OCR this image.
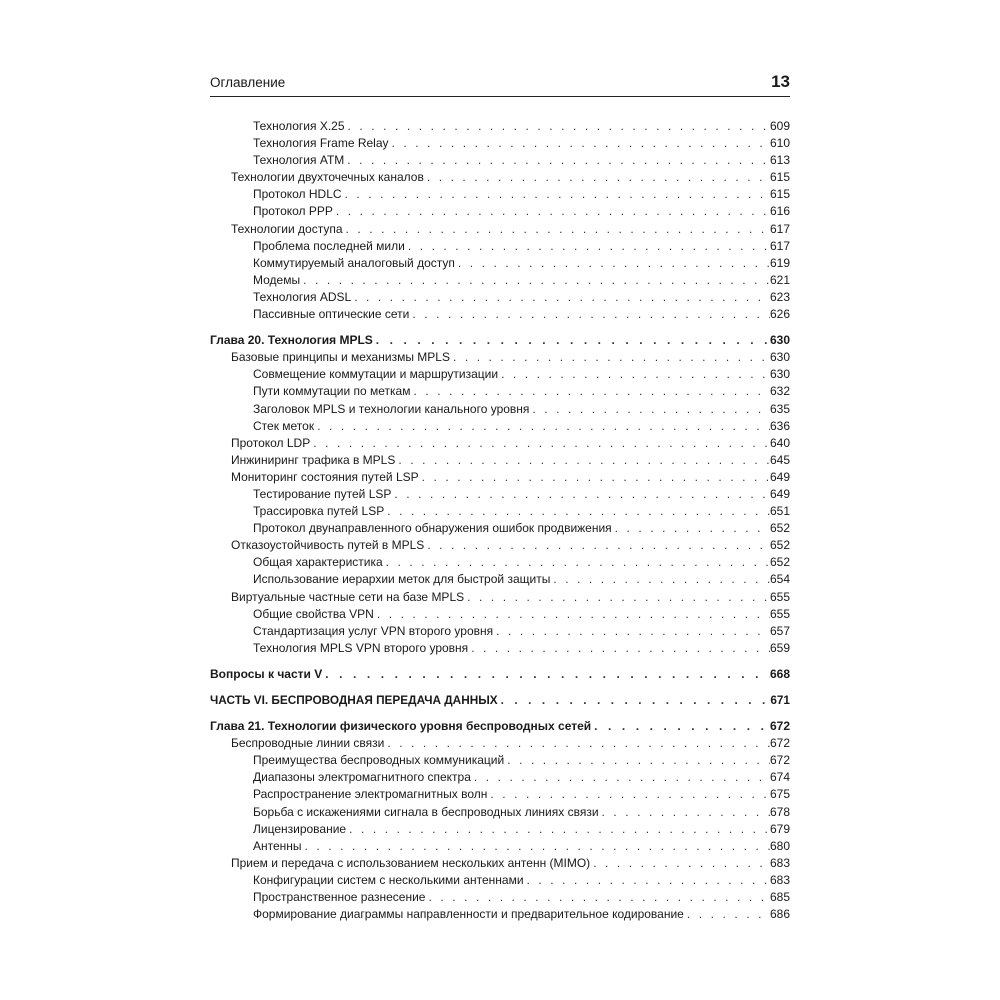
Оглавление	13
Технология X.25 . . .	609
Технология Frame Relay . . .	610
Технология ATM . . .	613
Технологии двухточечных каналов . . .	615
Протокол HDLC . . .	615
Протокол PPP . . .	616
Технологии доступа . . .	617
Проблема последней мили . . .	617
Коммутируемый аналоговый доступ . . .	619
Модемы . . .	621
Технология ADSL . . .	623
Пассивные оптические сети . . .	626
Глава 20. Технология MPLS . . .	630
Базовые принципы и механизмы MPLS . . .	630
Совмещение коммутации и маршрутизации . . .	630
Пути коммутации по меткам . . .	632
Заголовок MPLS и технологии канального уровня . . .	635
Стек меток . . .	636
Протокол LDP . . .	640
Инжиниринг трафика в MPLS . . .	645
Мониторинг состояния путей LSP . . .	649
Тестирование путей LSP . . .	649
Трассировка путей LSP . . .	651
Протокол двунаправленного обнаружения ошибок продвижения . . .	652
Отказоустойчивость путей в MPLS . . .	652
Общая характеристика . . .	652
Использование иерархии меток для быстрой защиты . . .	654
Виртуальные частные сети на базе MPLS . . .	655
Общие свойства VPN . . .	655
Стандартизация услуг VPN второго уровня . . .	657
Технология MPLS VPN второго уровня . . .	659
Вопросы к части V . . .	668
ЧАСТЬ VI. БЕСПРОВОДНАЯ ПЕРЕДАЧА ДАННЫХ . . .	671
Глава 21. Технологии физического уровня беспроводных сетей . . .	672
Беспроводные линии связи . . .	672
Преимущества беспроводных коммуникаций . . .	672
Диапазоны электромагнитного спектра . . .	674
Распространение электромагнитных волн . . .	675
Борьба с искажениями сигнала в беспроводных линиях связи . . .	678
Лицензирование . . .	679
Антенны . . .	680
Прием и передача с использованием нескольких антенн (MIMO) . . .	683
Конфигурации систем с несколькими антеннами . . .	683
Пространственное разнесение . . .	685
Формирование диаграммы направленности и предварительное кодирование . . .	686
